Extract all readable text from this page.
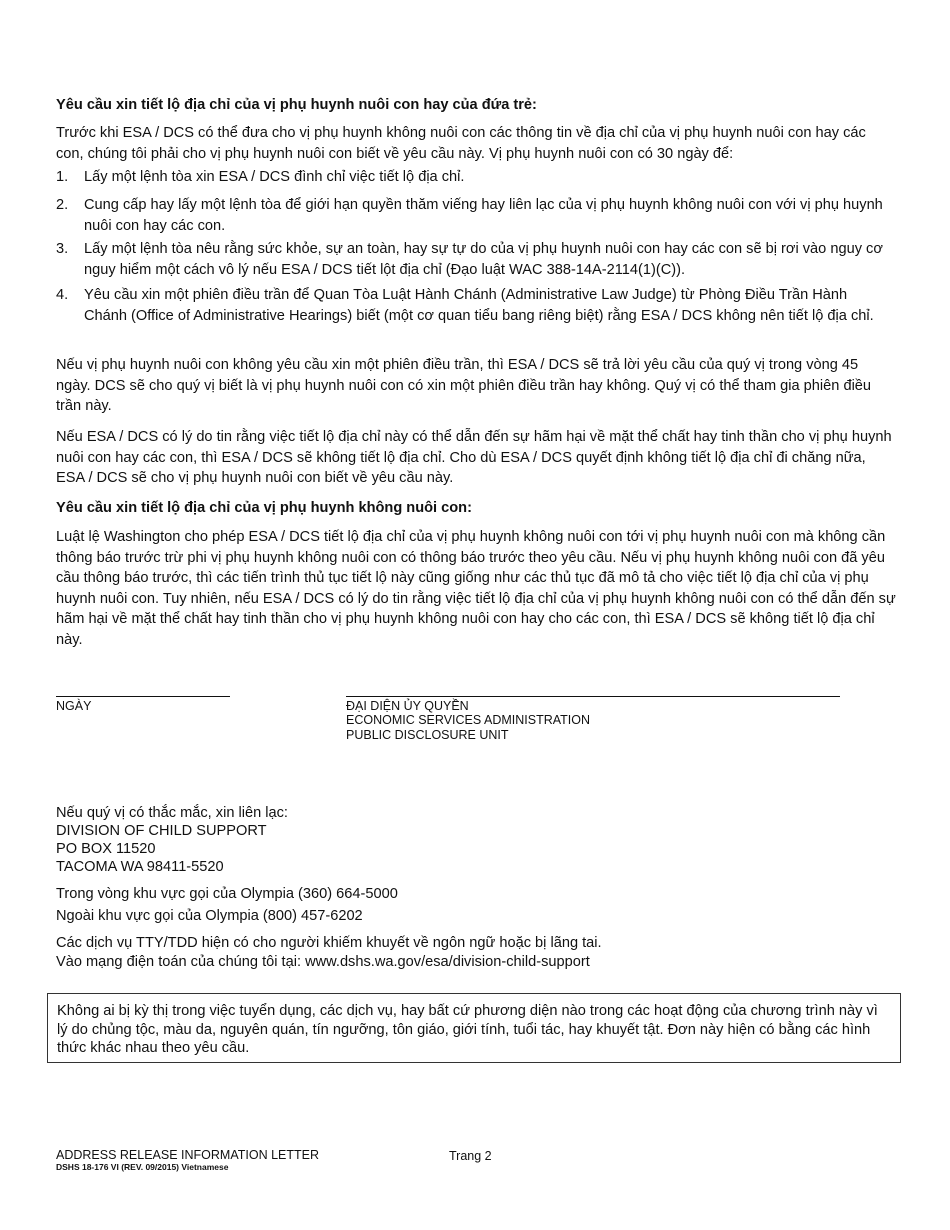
Yêu cầu xin tiết lộ địa chỉ của vị phụ huynh nuôi con hay của đứa trẻ:
Trước khi ESA / DCS có thể đưa cho vị phụ huynh không nuôi con các thông tin về địa chỉ của vị phụ huynh nuôi con hay các con, chúng tôi phải cho vị phụ huynh nuôi con biết về yêu cầu này. Vị phụ huynh nuôi con có 30 ngày để:
1. Lấy một lệnh tòa xin ESA / DCS đình chỉ việc tiết lộ địa chỉ.
2. Cung cấp hay lấy một lệnh tòa để giới hạn quyền thăm viếng hay liên lạc của vị phụ huynh không nuôi con với vị phụ huynh nuôi con hay các con.
3. Lấy một lệnh tòa nêu rằng sức khỏe, sự an toàn, hay sự tự do của vị phụ huynh nuôi con hay các con sẽ bị rơi vào nguy cơ nguy hiểm một cách vô lý nếu ESA / DCS tiết lột địa chỉ (Đạo luật WAC 388-14A-2114(1)(C)).
4. Yêu cầu xin một phiên điều trần để Quan Tòa Luật Hành Chánh (Administrative Law Judge) từ Phòng Điều Trần Hành Chánh (Office of Administrative Hearings) biết (một cơ quan tiểu bang riêng biệt) rằng ESA / DCS không nên tiết lộ địa chỉ.
Nếu vị phụ huynh nuôi con không yêu cầu xin một phiên điều trần, thì ESA / DCS sẽ trả lời yêu cầu của quý vị trong vòng 45 ngày. DCS sẽ cho quý vị biết là vị phụ huynh nuôi con có xin một phiên điều trần hay không. Quý vị có thể tham gia phiên điều trần này.
Nếu ESA / DCS có lý do tin rằng việc tiết lộ địa chỉ này có thể dẫn đến sự hãm hại về mặt thể chất hay tinh thần cho vị phụ huynh nuôi con hay các con, thì ESA / DCS sẽ không tiết lộ địa chỉ. Cho dù ESA / DCS quyết định không tiết lộ địa chỉ đi chăng nữa, ESA / DCS sẽ cho vị phụ huynh nuôi con biết về yêu cầu này.
Yêu cầu xin tiết lộ địa chỉ của vị phụ huynh không nuôi con:
Luật lệ Washington cho phép ESA / DCS tiết lộ địa chỉ của vị phụ huynh không nuôi con tới vị phụ huynh nuôi con mà không cần thông báo trước trừ phi vị phụ huynh không nuôi con có thông báo trước theo yêu cầu. Nếu vị phụ huynh không nuôi con đã yêu cầu thông báo trước, thì các tiến trình thủ tục tiết lộ này cũng giống như các thủ tục đã mô tả cho việc tiết lộ địa chỉ của vị phụ huynh nuôi con. Tuy nhiên, nếu ESA / DCS có lý do tin rằng việc tiết lộ địa chỉ của vị phụ huynh không nuôi con có thể dẫn đến sự hãm hại về mặt thể chất hay tinh thần cho vị phụ huynh không nuôi con hay cho các con, thì ESA / DCS sẽ không tiết lộ địa chỉ này.
NGÀY	ĐẠI DIỆN ỦY QUYỀN
ECONOMIC SERVICES ADMINISTRATION
PUBLIC DISCLOSURE UNIT
Nếu quý vị có thắc mắc, xin liên lạc:
DIVISION OF CHILD SUPPORT
PO BOX 11520
TACOMA WA 98411-5520
Trong vòng khu vực gọi của Olympia (360) 664-5000
Ngoài khu vực gọi của Olympia (800) 457-6202
Các dịch vụ TTY/TDD hiện có cho người khiếm khuyết về ngôn ngữ hoặc bị lãng tai.
Vào mạng điện toán của chúng tôi tại: www.dshs.wa.gov/esa/division-child-support

Không ai bị kỳ thị trong việc tuyển dụng, các dịch vụ, hay bất cứ phương diện nào trong các hoạt động của chương trình này vì lý do chủng tộc, màu da, nguyên quán, tín ngưỡng, tôn giáo, giới tính, tuổi tác, hay khuyết tật. Đơn này hiện có bằng các hình thức khác nhau theo yêu cầu.

ADDRESS RELEASE INFORMATION LETTER
DSHS 18-176 VI (REV. 09/2015) Vietnamese
Trang 2
